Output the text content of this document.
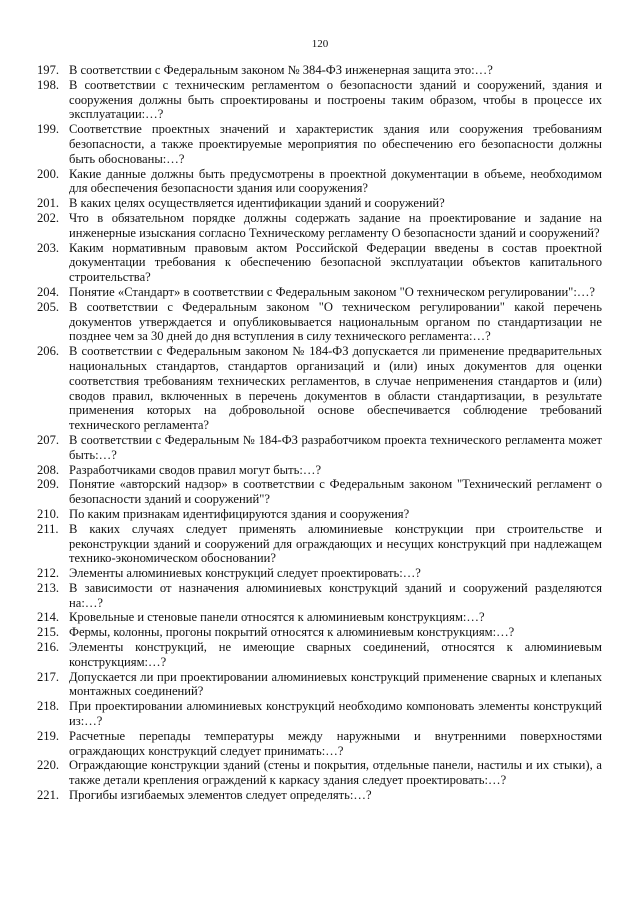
120
197. В соответствии с Федеральным законом № 384-ФЗ инженерная защита это:…?
198. В соответствии с техническим регламентом о безопасности зданий и сооружений, здания и сооружения должны быть спроектированы и построены таким образом, чтобы в процессе их эксплуатации:…?
199. Соответствие проектных значений и характеристик здания или сооружения требованиям безопасности, а также проектируемые мероприятия по обеспечению его безопасности должны быть обоснованы:…?
200. Какие данные должны быть предусмотрены в проектной документации в объеме, необходимом для обеспечения безопасности здания или сооружения?
201. В каких целях осуществляется идентификации зданий и сооружений?
202. Что в обязательном порядке должны содержать задание на проектирование и задание на инженерные изыскания согласно Техническому регламенту О безопасности зданий и сооружений?
203. Каким нормативным правовым актом Российской Федерации введены в состав проектной документации требования к обеспечению безопасной эксплуатации объектов капитального строительства?
204. Понятие «Стандарт» в соответствии с Федеральным законом "О техническом регулировании":…?
205. В соответствии с Федеральным законом "О техническом регулировании" какой перечень документов утверждается и опубликовывается национальным органом по стандартизации не позднее чем за 30 дней до дня вступления в силу технического регламента:…?
206. В соответствии с Федеральным законом № 184-ФЗ допускается ли применение предварительных национальных стандартов, стандартов организаций и (или) иных документов для оценки соответствия требованиям технических регламентов, в случае неприменения стандартов и (или) сводов правил, включенных в перечень документов в области стандартизации, в результате применения которых на добровольной основе обеспечивается соблюдение требований технического регламента?
207. В соответствии с Федеральным № 184-ФЗ разработчиком проекта технического регламента может быть:…?
208. Разработчиками сводов правил могут быть:…?
209. Понятие «авторский надзор» в соответствии с Федеральным законом "Технический регламент о безопасности зданий и сооружений"?
210. По каким признакам идентифицируются здания и сооружения?
211. В каких случаях следует применять алюминиевые конструкции при строительстве и реконструкции зданий и сооружений для ограждающих и несущих конструкций при надлежащем технико-экономическом обосновании?
212. Элементы алюминиевых конструкций следует проектировать:…?
213. В зависимости от назначения алюминиевых конструкций зданий и сооружений разделяются на:…?
214. Кровельные и стеновые панели относятся к алюминиевым конструкциям:…?
215. Фермы, колонны, прогоны покрытий относятся к алюминиевым конструкциям:…?
216. Элементы конструкций, не имеющие сварных соединений, относятся к алюминиевым конструкциям:…?
217. Допускается ли при проектировании алюминиевых конструкций применение сварных и клепаных монтажных соединений?
218. При проектировании алюминиевых конструкций необходимо компоновать элементы конструкций из:…?
219. Расчетные перепады температуры между наружными и внутренними поверхностями ограждающих конструкций следует принимать:…?
220. Ограждающие конструкции зданий (стены и покрытия, отдельные панели, настилы и их стыки), а также детали крепления ограждений к каркасу здания следует проектировать:…?
221. Прогибы изгибаемых элементов следует определять:…?
